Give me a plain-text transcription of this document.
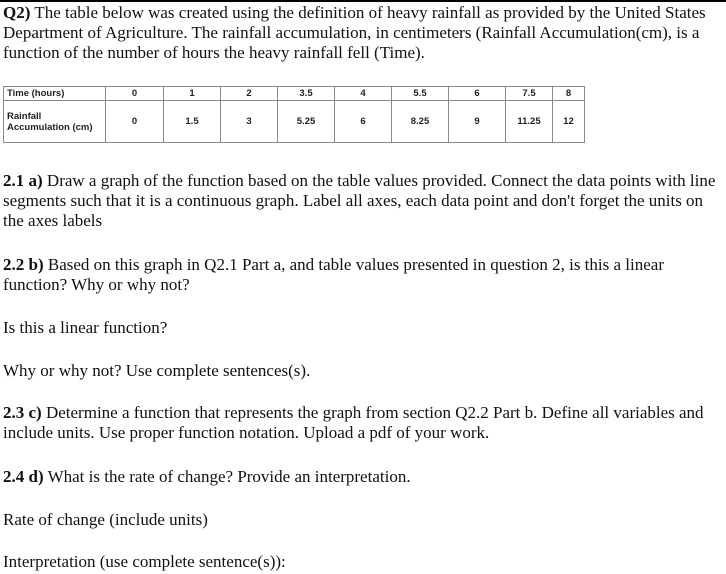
Q2) The table below was created using the definition of heavy rainfall as provided by the United States Department of Agriculture. The rainfall accumulation, in centimeters (Rainfall Accumulation(cm), is a function of the number of hours the heavy rainfall fell (Time).
Time (hours)	0	1	2	3.5	4	5.5	6	7.5	8
Rainfall Accumulation (cm)	0	1.5	3	5.25	6	8.25	9	11.25	12
2.1 a) Draw a graph of the function based on the table values provided. Connect the data points with line segments such that it is a continuous graph. Label all axes, each data point and don't forget the units on the axes labels
2.2 b) Based on this graph in Q2.1 Part a, and table values presented in question 2, is this a linear function? Why or why not?
Is this a linear function?
Why or why not? Use complete sentences(s).
2.3 c) Determine a function that represents the graph from section Q2.2 Part b. Define all variables and include units. Use proper function notation. Upload a pdf of your work.
2.4 d) What is the rate of change? Provide an interpretation.
Rate of change (include units)
Interpretation (use complete sentence(s)):
